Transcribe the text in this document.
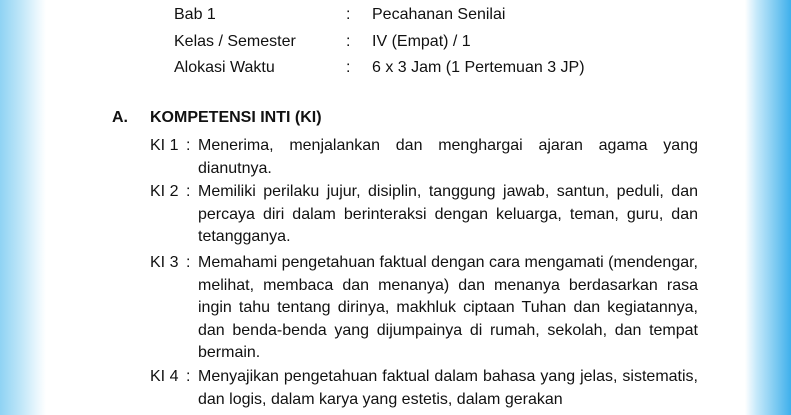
Bab 1	: Pecahanan Senilai
Kelas / Semester	: IV (Empat) / 1
Alokasi Waktu	: 6 x 3 Jam (1 Pertemuan 3 JP)
A. KOMPETENSI INTI (KI)
KI 1 : Menerima, menjalankan dan menghargai ajaran agama yang dianutnya.
KI 2 : Memiliki perilaku jujur, disiplin, tanggung jawab, santun, peduli, dan percaya diri dalam berinteraksi dengan keluarga, teman, guru, dan tetangganya.
KI 3 : Memahami pengetahuan faktual dengan cara mengamati (mendengar, melihat, membaca dan menanya) dan menanya berdasarkan rasa ingin tahu tentang dirinya, makhluk ciptaan Tuhan dan kegiatannya, dan benda-benda yang dijumpainya di rumah, sekolah, dan tempat bermain.
KI 4 : Menyajikan pengetahuan faktual dalam bahasa yang jelas, sistematis, dan logis, dalam karya yang estetis, dalam gerakan
